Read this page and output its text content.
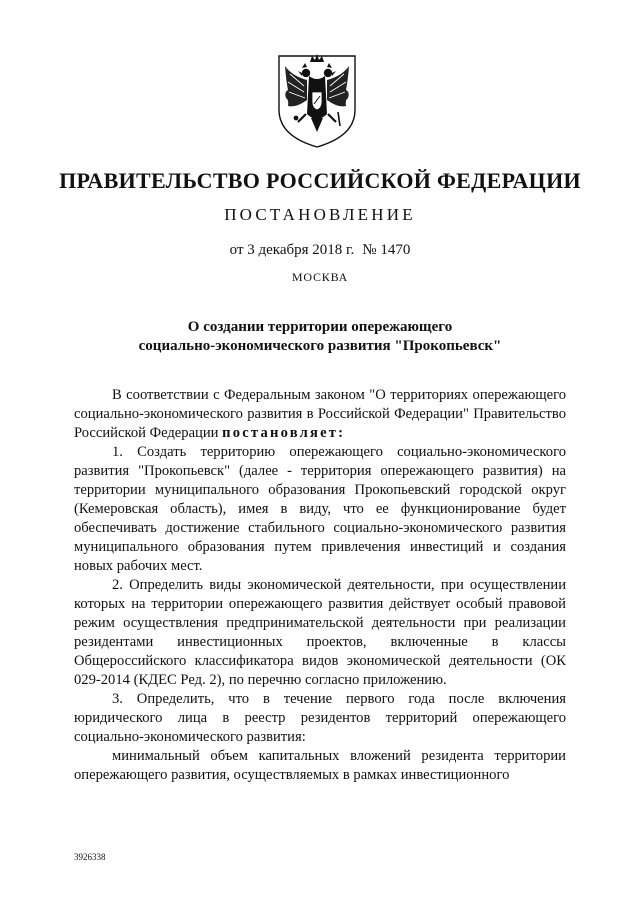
ПРАВИТЕЛЬСТВО РОССИЙСКОЙ ФЕДЕРАЦИИ
ПОСТАНОВЛЕНИЕ
от 3 декабря 2018 г. № 1470
МОСКВА
О создании территории опережающего
социально-экономического развития "Прокопьевск"

В соответствии с Федеральным законом "О территориях опережающего социально-экономического развития в Российской Федерации" Правительство Российской Федерации постановляет:

1. Создать территорию опережающего социально-экономического развития "Прокопьевск" (далее - территория опережающего развития) на территории муниципального образования Прокопьевский городской округ (Кемеровская область), имея в виду, что ее функционирование будет обеспечивать достижение стабильного социально-экономического развития муниципального образования путем привлечения инвестиций и создания новых рабочих мест.

2. Определить виды экономической деятельности, при осуществлении которых на территории опережающего развития действует особый правовой режим осуществления предпринимательской деятельности при реализации резидентами инвестиционных проектов, включенные в классы Общероссийского классификатора видов экономической деятельности (ОК 029-2014 (КДЕС Ред. 2), по перечню согласно приложению.

3. Определить, что в течение первого года после включения юридического лица в реестр резидентов территорий опережающего социально-экономического развития:

минимальный объем капитальных вложений резидента территории опережающего развития, осуществляемых в рамках инвестиционного

3926338
